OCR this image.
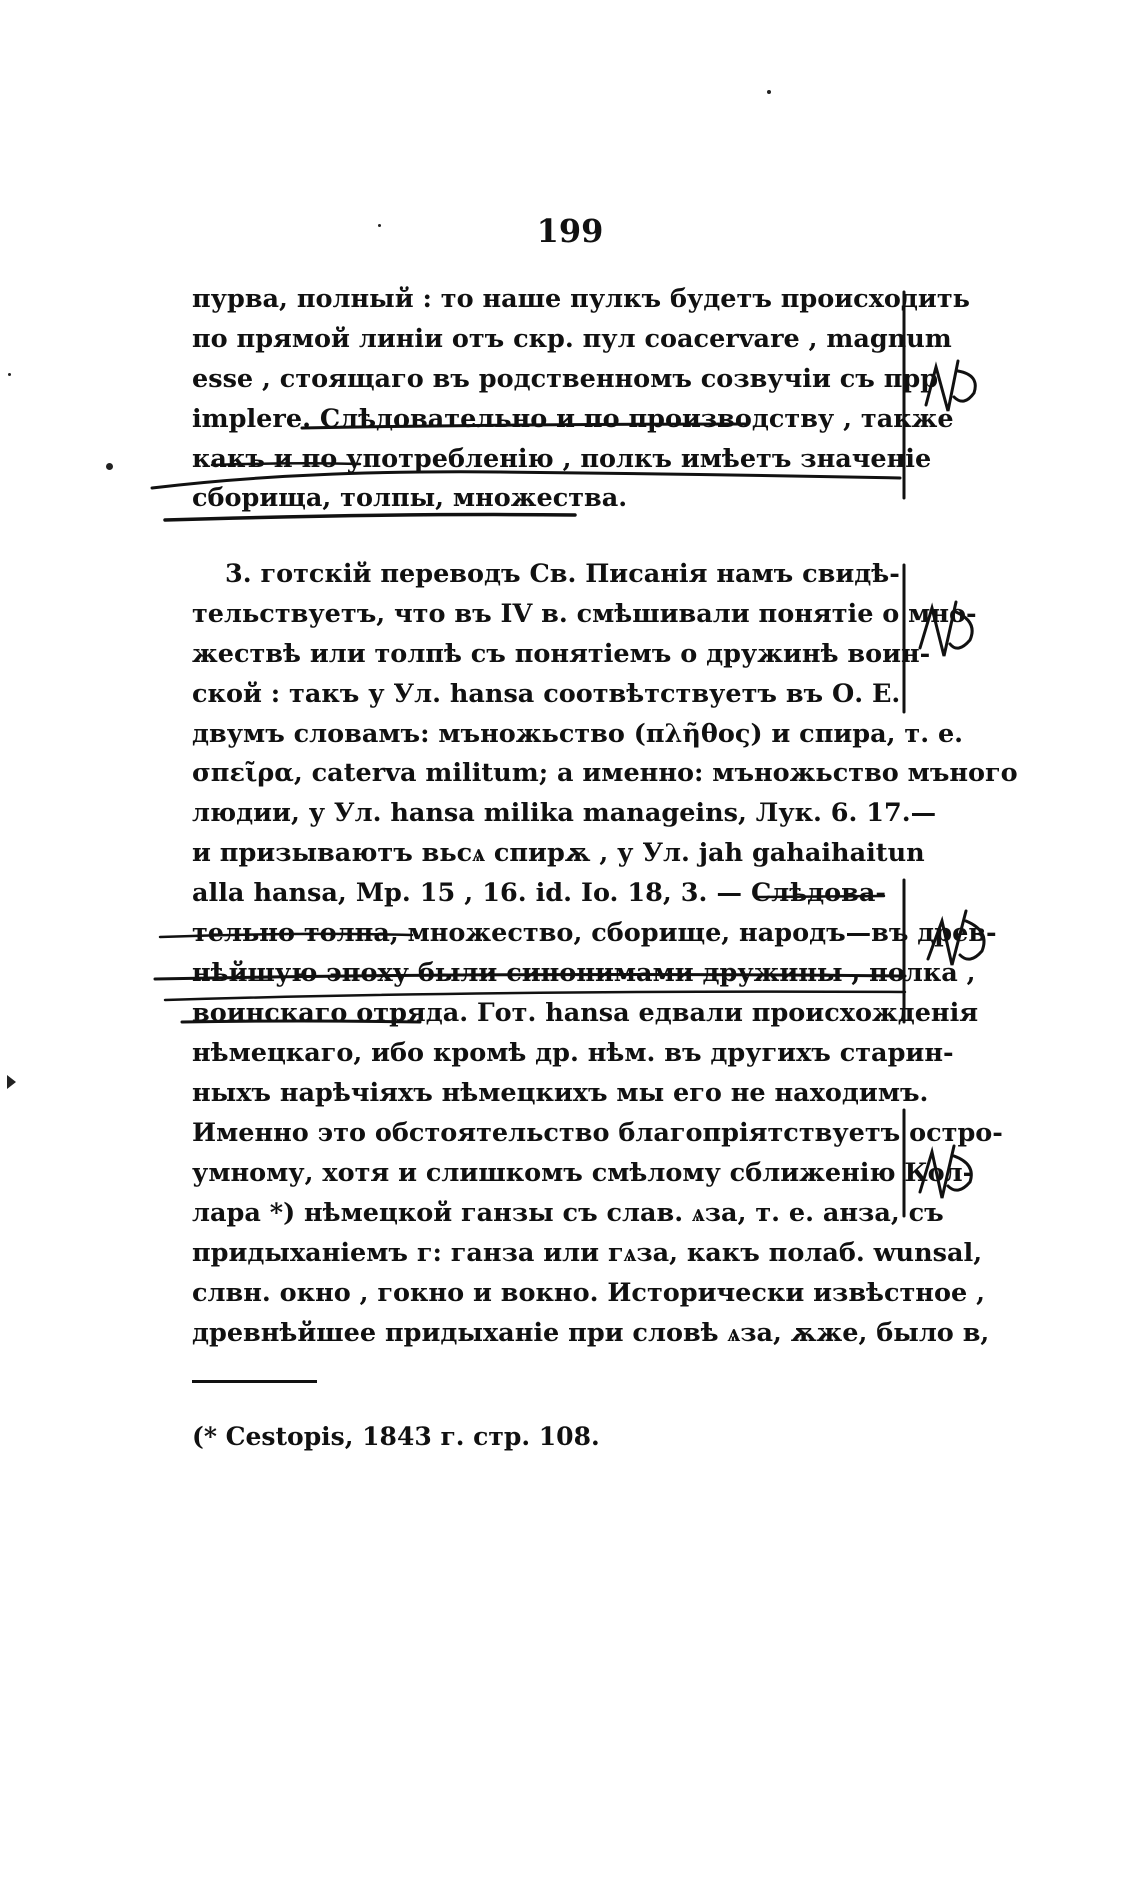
199
пурва, полный : то наше пулкъ будетъ происходить
по прямой линіи отъ скр. пул coacervare , magnum
esse , стоящаго въ родственномъ созвучіи съ прр
implere. Слѣдовательно и по производству , также
какъ и по употребленію , полкъ имѣетъ значеніе
сборища, толпы, множества.
3. готскій переводъ Св. Писанія намъ свидѣ-
тельствуетъ, что въ IV в. смѣшивали понятіе о мно-
жествѣ или толпѣ съ понятіемъ о дружинѣ воин-
ской : такъ у Ул. hansa соотвѣтствуетъ въ О. Е.
двумъ словамъ: мъножьство (πλῆθος) и спира, т. е.
σπεῖρα, caterva militum; а именно: мъножьство мъного
людии, у Ул. hansa milika manageins, Лук. 6. 17.—
и призываютъ вьсѧ спирѫ , у Ул. jah gahaihaitun
alla hansa, Мр. 15 , 16. id. Io. 18, 3. — Слѣдова-
тельно толпа, множество, сборище, народъ—въ древ-
нѣйшую эпоху были синонимами дружины , полка ,
воинскаго отряда. Гот. hansa едвали происхожденія
нѣмецкаго, ибо кромѣ др. нѣм. въ другихъ старин-
ныхъ нарѣчіяхъ нѣмецкихъ мы его не находимъ.
Именно это обстоятельство благопріятствуетъ остро-
умному, хотя и слишкомъ смѣлому сближенію Кол-
лара *) нѣмецкой ганзы съ слав. ѧза, т. е. анза, съ
придыханіемъ г: ганза или гѧза, какъ полаб. wunsal,
слвн. окно , гокно и вокно. Исторически извѣстное ,
древнѣйшее придыханіе при словѣ ѧза, ѫже, было в,
(* Cestopis, 1843 г. стр. 108.
